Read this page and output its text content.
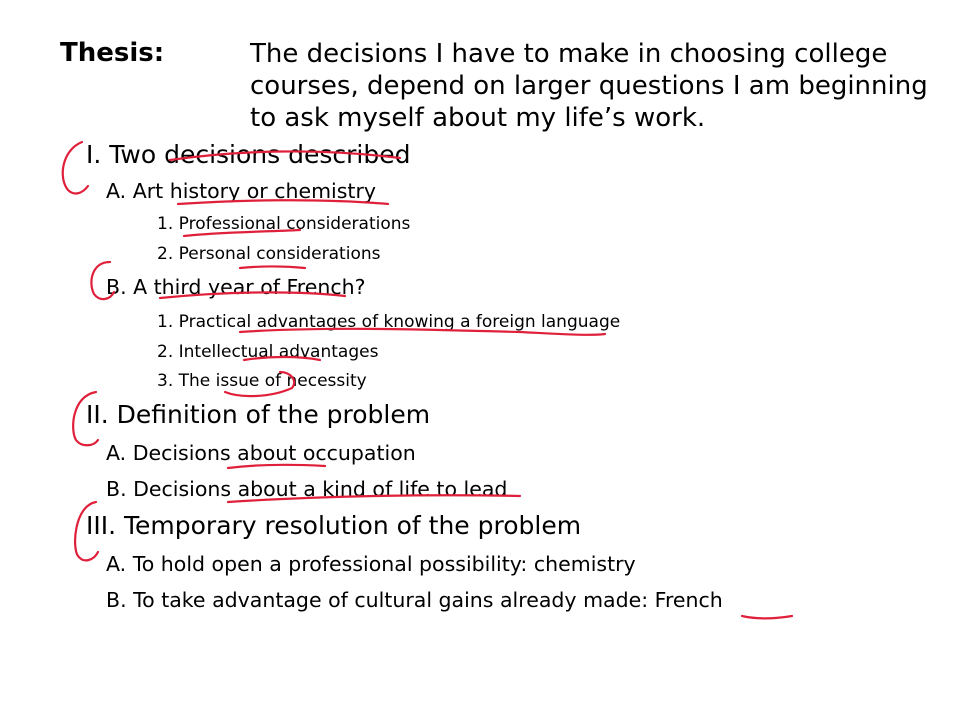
Thesis:	The decisions I have to make in choosing college courses, depend on larger questions I am beginning to ask myself about my life’s work.
I. Two decisions described
A. Art history or chemistry
1. Professional considerations
2. Personal considerations
B. A third year of French?
1. Practical advantages of knowing a foreign language
2. Intellectual advantages
3. The issue of necessity
II. Definition of the problem
A. Decisions about occupation
B. Decisions about a kind of life to lead
III. Temporary resolution of the problem
A. To hold open a professional possibility: chemistry
B. To take advantage of cultural gains already made: French
